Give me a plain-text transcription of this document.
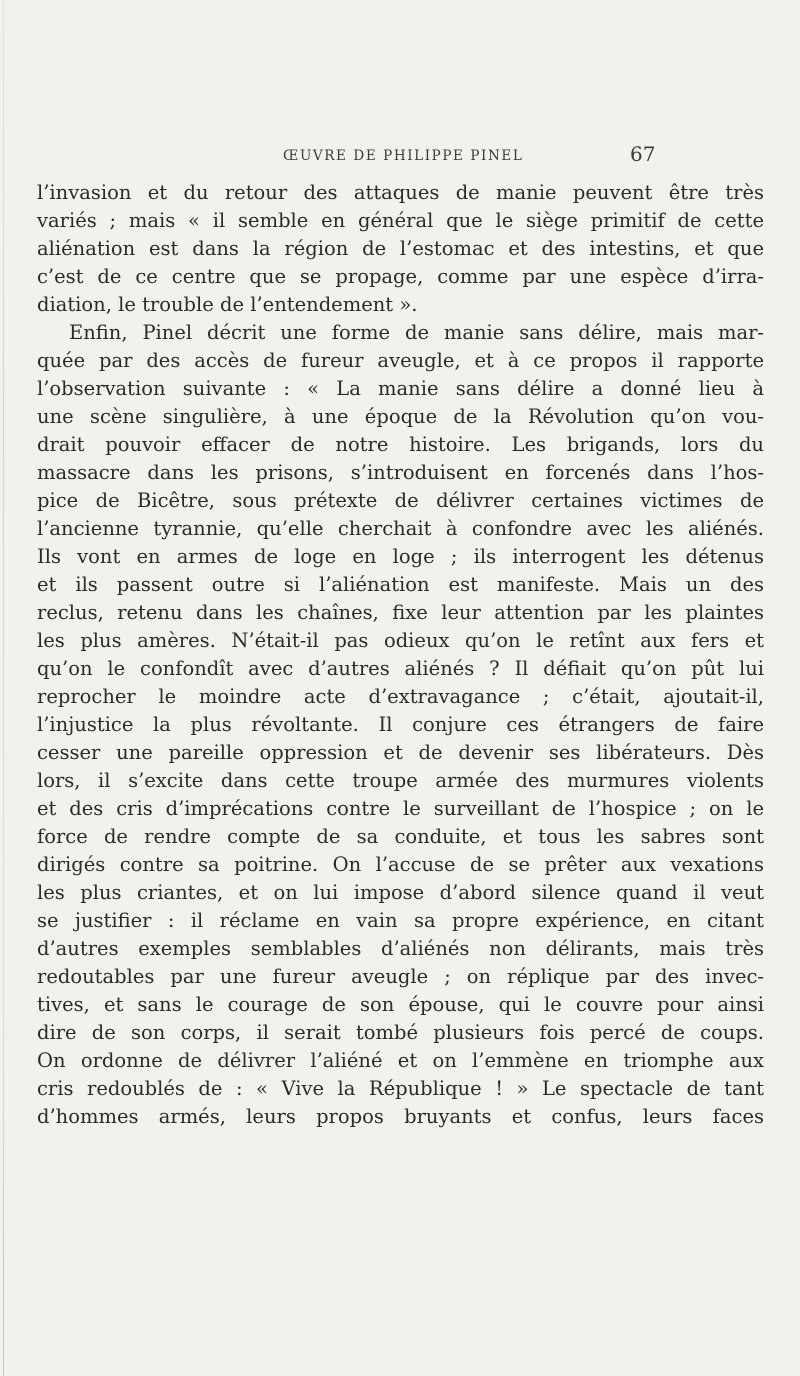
ŒUVRE DE PHILIPPE PINEL	67
l’invasion et du retour des attaques de manie peuvent être très
variés ; mais « il semble en général que le siège primitif de cette
aliénation est dans la région de l’estomac et des intestins, et que
c’est de ce centre que se propage, comme par une espèce d’irra-
diation, le trouble de l’entendement ».
Enfin, Pinel décrit une forme de manie sans délire, mais mar-
quée par des accès de fureur aveugle, et à ce propos il rapporte
l’observation suivante : « La manie sans délire a donné lieu à
une scène singulière, à une époque de la Révolution qu’on vou-
drait pouvoir effacer de notre histoire. Les brigands, lors du
massacre dans les prisons, s’introduisent en forcenés dans l’hos-
pice de Bicêtre, sous prétexte de délivrer certaines victimes de
l’ancienne tyrannie, qu’elle cherchait à confondre avec les aliénés.
Ils vont en armes de loge en loge ; ils interrogent les détenus
et ils passent outre si l’aliénation est manifeste. Mais un des
reclus, retenu dans les chaînes, fixe leur attention par les plaintes
les plus amères. N’était-il pas odieux qu’on le retînt aux fers et
qu’on le confondît avec d’autres aliénés ? Il défiait qu’on pût lui
reprocher le moindre acte d’extravagance ; c’était, ajoutait-il,
l’injustice la plus révoltante. Il conjure ces étrangers de faire
cesser une pareille oppression et de devenir ses libérateurs. Dès
lors, il s’excite dans cette troupe armée des murmures violents
et des cris d’imprécations contre le surveillant de l’hospice ; on le
force de rendre compte de sa conduite, et tous les sabres sont
dirigés contre sa poitrine. On l’accuse de se prêter aux vexations
les plus criantes, et on lui impose d’abord silence quand il veut
se justifier : il réclame en vain sa propre expérience, en citant
d’autres exemples semblables d’aliénés non délirants, mais très
redoutables par une fureur aveugle ; on réplique par des invec-
tives, et sans le courage de son épouse, qui le couvre pour ainsi
dire de son corps, il serait tombé plusieurs fois percé de coups.
On ordonne de délivrer l’aliéné et on l’emmène en triomphe aux
cris redoublés de : « Vive la République ! » Le spectacle de tant
d’hommes armés, leurs propos bruyants et confus, leurs faces
